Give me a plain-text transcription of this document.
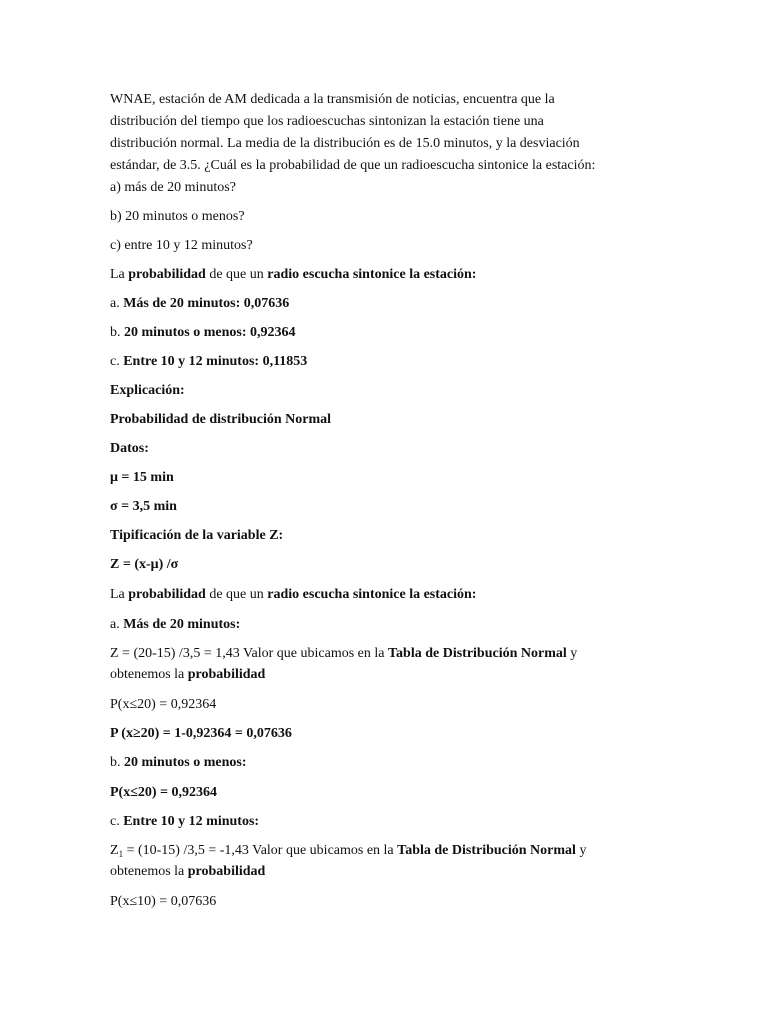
WNAE, estación de AM dedicada a la transmisión de noticias, encuentra que la
distribución del tiempo que los radioescuchas sintonizan la estación tiene una
distribución normal. La media de la distribución es de 15.0 minutos, y la desviación
estándar, de 3.5. ¿Cuál es la probabilidad de que un radioescucha sintonice la estación:
a) más de 20 minutos?
b) 20 minutos o menos?
c) entre 10 y 12 minutos?
La probabilidad de que un radio escucha sintonice la estación:
a. Más de 20 minutos: 0,07636
b. 20 minutos o menos: 0,92364
c. Entre 10 y 12 minutos: 0,11853
Explicación:
Probabilidad de distribución Normal
Datos:
μ = 15 min
σ = 3,5 min
Tipificación de la variable Z:
Z = (x-μ) /σ
La probabilidad de que un radio escucha sintonice la estación:
a. Más de 20 minutos:
Z = (20-15) /3,5 = 1,43 Valor que ubicamos en la Tabla de Distribución Normal y
obtenemos la probabilidad
P(x≤20) = 0,92364
P (x≥20) = 1-0,92364 = 0,07636
b. 20 minutos o menos:
P(x≤20) = 0,92364
c. Entre 10 y 12 minutos:
$Z_1 = (10-15) /3,5 = -1,43$ Valor que ubicamos en la Tabla de Distribución Normal y
obtenemos la probabilidad
P(x≤10) = 0,07636
